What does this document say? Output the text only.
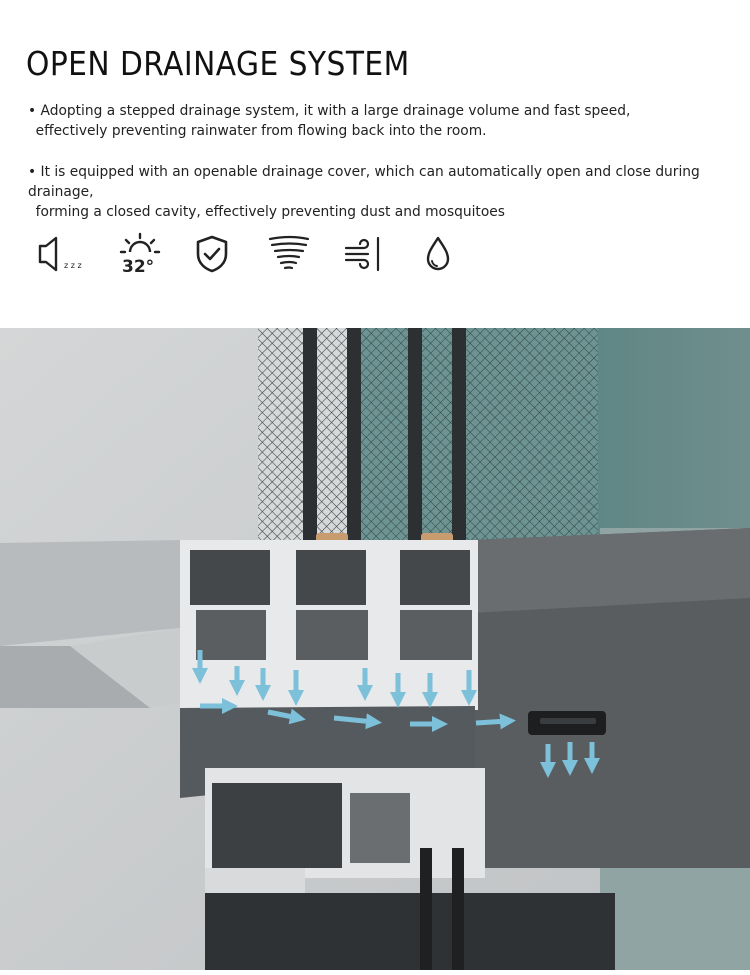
OPEN DRAINAGE SYSTEM
• Adopting a stepped drainage system, it with a large drainage volume and fast speed,
effectively preventing rainwater from flowing back into the room.
• It is equipped with an openable drainage cover, which can automatically open and close during drainage,
forming a closed cavity, effectively preventing dust and mosquitoes
z z z 32°
